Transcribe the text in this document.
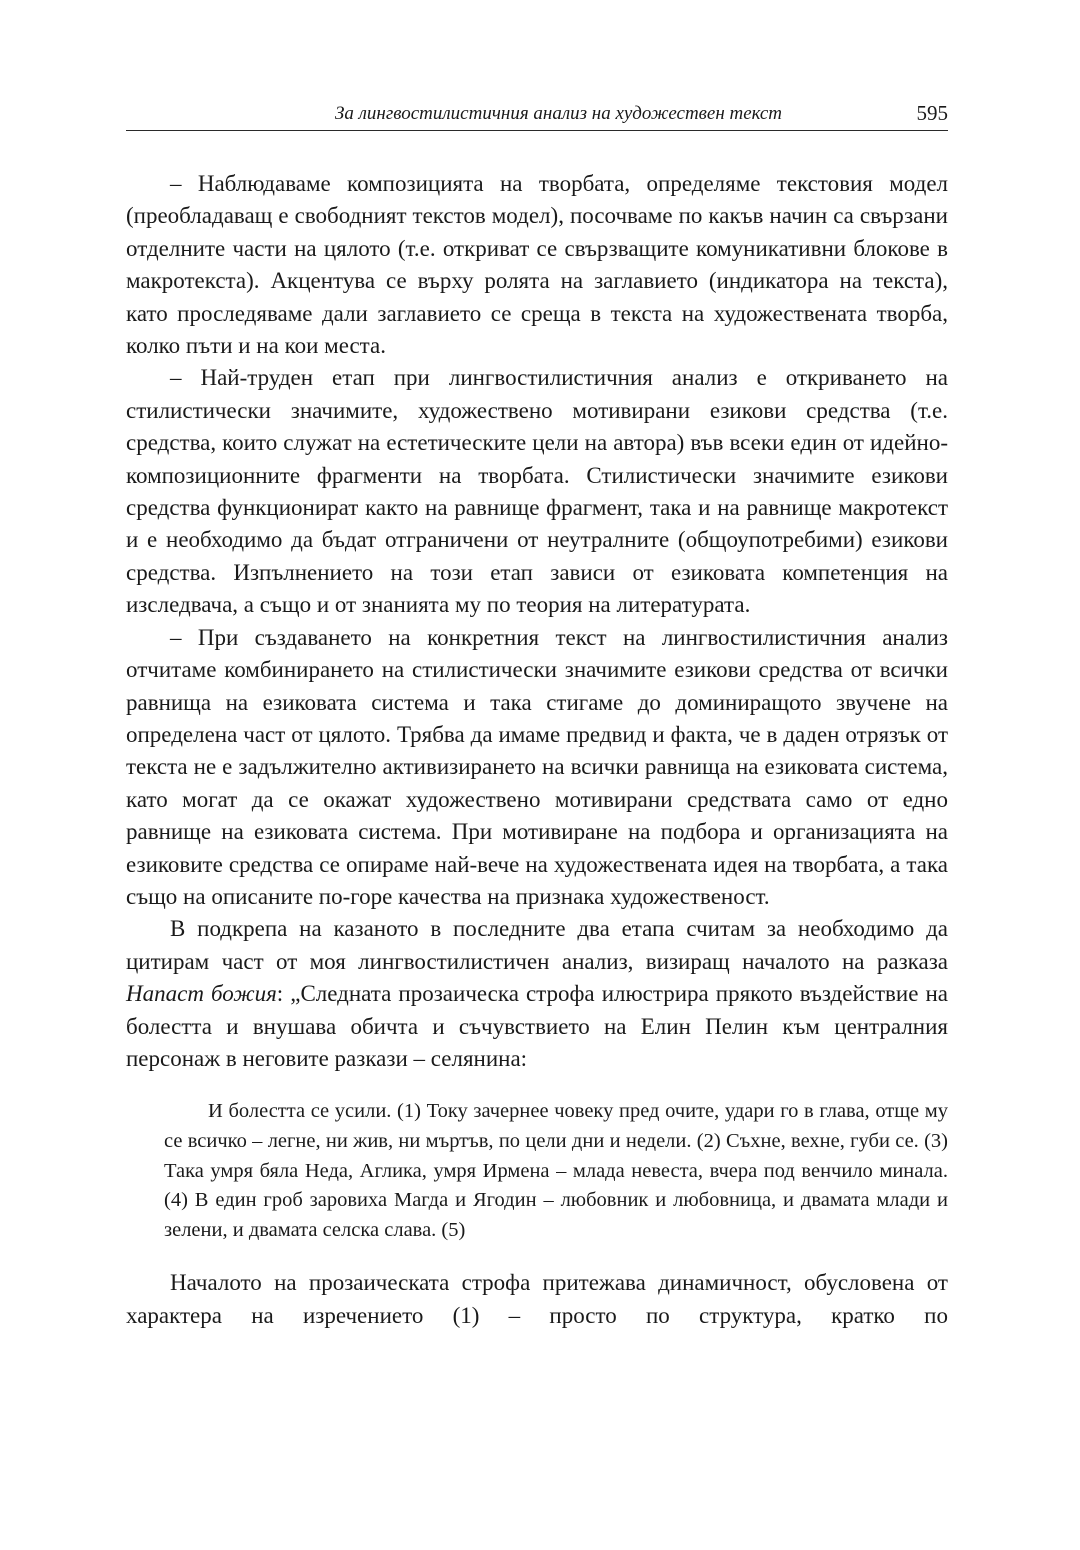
За лингвостилистичния анализ на художествен текст	595

– Наблюдаваме композицията на творбата, определяме текстовия модел (преобладаващ е свободният текстов модел), посочваме по какъв начин са свързани отделните части на цялото (т.е. откриват се свързващите комуникативни блокове в макротекста). Акцентува се върху ролята на заглавието (индикатора на текста), като проследяваме дали заглавието се среща в текста на художествената творба, колко пъти и на кои места.

– Най-труден етап при лингвостилистичния анализ е откриването на стилистически значимите, художествено мотивирани езикови средства (т.е. средства, които служат на естетическите цели на автора) във всеки един от идейно-композиционните фрагменти на творбата. Стилистически значимите езикови средства функционират както на равнище фрагмент, така и на равнище макротекст и е необходимо да бъдат отграничени от неутралните (общоупотребими) езикови средства. Изпълнението на този етап зависи от езиковата компетенция на изследвача, а също и от знанията му по теория на литературата.

– При създаването на конкретния текст на лингвостилистичния анализ отчитаме комбинирането на стилистически значимите езикови средства от всички равнища на езиковата система и така стигаме до доминиращото звучене на определена част от цялото. Трябва да имаме предвид и факта, че в даден отрязък от текста не е задължително активизирането на всички равнища на езиковата система, като могат да се окажат художествено мотивирани средствата само от едно равнище на езиковата система. При мотивиране на подбора и организацията на езиковите средства се опираме най-вече на художествената идея на творбата, а така също на описаните по-горе качества на признака художественост.

В подкрепа на казаното в последните два етапа считам за необходимо да цитирам част от моя лингвостилистичен анализ, визиращ началото на разказа Напаст божия: „Следната прозаическа строфа илюстрира прякото въздействие на болестта и внушава обичта и съчувствието на Елин Пелин към централния персонаж в неговите разкази – селянина:

И болестта се усили. (1) Току зачернее човеку пред очите, удари го в глава, отще му се всичко – легне, ни жив, ни мъртъв, по цели дни и недели. (2) Съхне, вехне, губи се. (3) Така умря бяла Неда, Аглика, умря Ирмена – млада невеста, вчера под венчило минала. (4) В един гроб заровиха Магда и Ягодин – любовник и любовница, и двамата млади и зелени, и двамата селска слава. (5)

Началото на прозаическата строфа притежава динамичност, обусловена от характера на изречението (1) – просто по структура, кратко по
